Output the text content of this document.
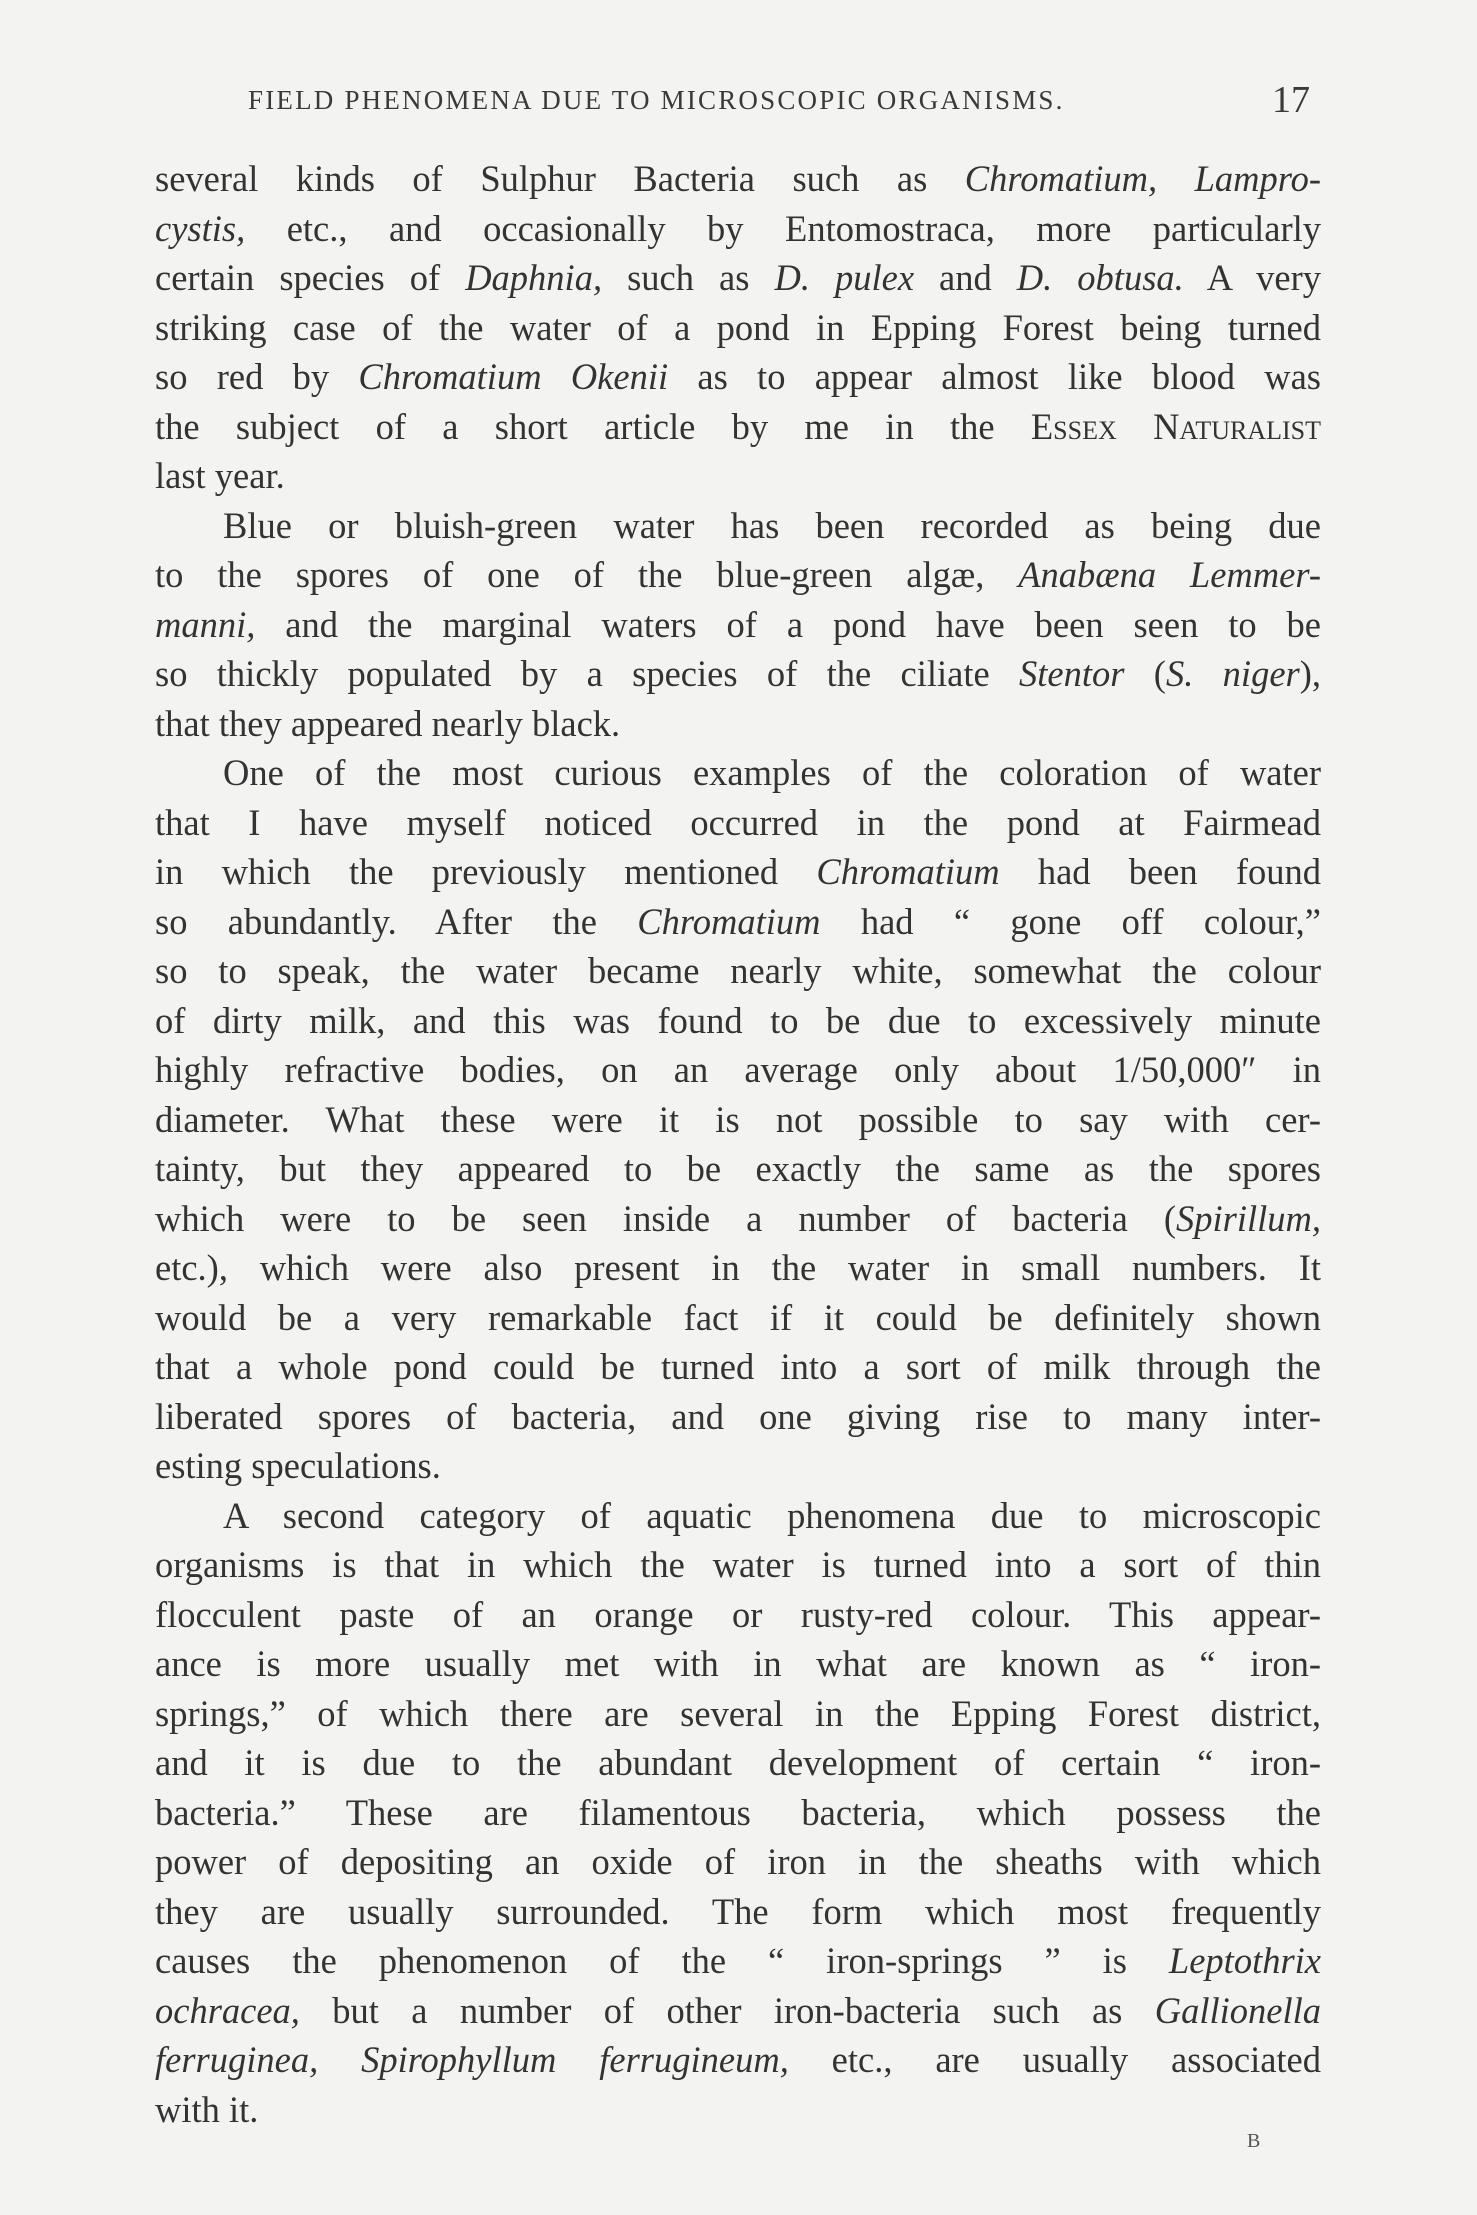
FIELD PHENOMENA DUE TO MICROSCOPIC ORGANISMS.	17
several kinds of Sulphur Bacteria such as Chromatium, Lampro-
cystis, etc., and occasionally by Entomostraca, more particularly
certain species of Daphnia, such as D. pulex and D. obtusa. A very
striking case of the water of a pond in Epping Forest being turned
so red by Chromatium Okenii as to appear almost like blood was
the subject of a short article by me in the Essex Naturalist
last year.
Blue or bluish-green water has been recorded as being due
to the spores of one of the blue-green algæ, Anabæna Lemmer-
manni, and the marginal waters of a pond have been seen to be
so thickly populated by a species of the ciliate Stentor (S. niger),
that they appeared nearly black.
One of the most curious examples of the coloration of water
that I have myself noticed occurred in the pond at Fairmead
in which the previously mentioned Chromatium had been found
so abundantly. After the Chromatium had “ gone off colour,”
so to speak, the water became nearly white, somewhat the colour
of dirty milk, and this was found to be due to excessively minute
highly refractive bodies, on an average only about 1/50,000″ in
diameter. What these were it is not possible to say with cer-
tainty, but they appeared to be exactly the same as the spores
which were to be seen inside a number of bacteria (Spirillum,
etc.), which were also present in the water in small numbers. It
would be a very remarkable fact if it could be definitely shown
that a whole pond could be turned into a sort of milk through the
liberated spores of bacteria, and one giving rise to many inter-
esting speculations.
A second category of aquatic phenomena due to microscopic
organisms is that in which the water is turned into a sort of thin
flocculent paste of an orange or rusty-red colour. This appear-
ance is more usually met with in what are known as “ iron-
springs,” of which there are several in the Epping Forest district,
and it is due to the abundant development of certain “ iron-
bacteria.” These are filamentous bacteria, which possess the
power of depositing an oxide of iron in the sheaths with which
they are usually surrounded. The form which most frequently
causes the phenomenon of the “ iron-springs ” is Leptothrix
ochracea, but a number of other iron-bacteria such as Gallionella
ferruginea, Spirophyllum ferrugineum, etc., are usually associated
with it.
B
